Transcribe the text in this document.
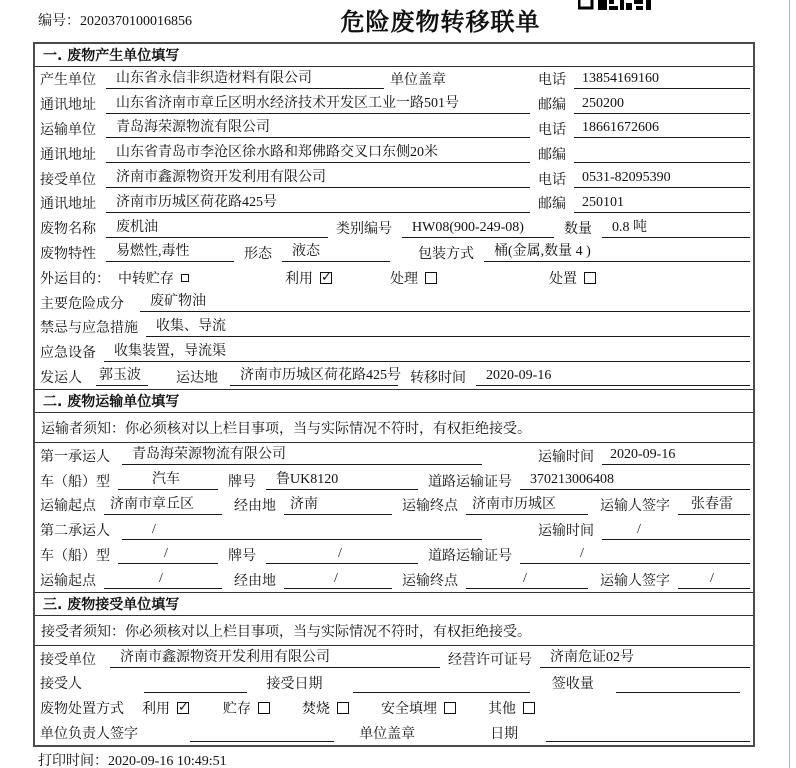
编号：2020370100016856	危险废物转移联单
一. 废物产生单位填写
产生单位	山东省永信非织造材料有限公司	单位盖章	电话	13854169160
通讯地址	山东省济南市章丘区明水经济技术开发区工业一路501号	邮编	250200
运输单位	青岛海荣源物流有限公司	电话	18661672606
通讯地址	山东省青岛市李沧区徐水路和郑佛路交叉口东侧20米	邮编
接受单位	济南市鑫源物资开发利用有限公司	电话	0531-82095390
通讯地址	济南市历城区荷花路425号	邮编	250101
废物名称	废机油	类别编号	HW08(900-249-08)	数量	0.8 吨
废物特性	易燃性,毒性	形态	液态	包装方式	桶(金属,数量 4 )
外运目的： 中转贮存	利用 ✓	处理	处置
主要危险成分	废矿物油
禁忌与应急措施	收集、导流
应急设备	收集装置，导流渠
发运人 郭玉波	运达地	济南市历城区荷花路425号 转移时间	2020-09-16
二. 废物运输单位填写
运输者须知：你必须核对以上栏目事项，当与实际情况不符时，有权拒绝接受。
第一承运人	青岛海荣源物流有限公司	运输时间	2020-09-16
车（船）型	汽车	牌号	鲁UK8120	道路运输证号	370213006408
运输起点	济南市章丘区	经由地	济南	运输终点	济南市历城区	运输人签字	张春雷
第二承运人	/	运输时间	/
车（船）型	/	牌号	/	道路运输证号	/
运输起点	/	经由地	/	运输终点	/	运输人签字	/
三. 废物接受单位填写
接受者须知：你必须核对以上栏目事项，当与实际情况不符时，有权拒绝接受。
接受单位	济南市鑫源物资开发利用有限公司	经营许可证号	济南危证02号
接受人	接受日期	签收量
废物处置方式 利用 ✓	贮存	焚烧	安全填埋	其他
单位负责人签字	单位盖章	日期
打印时间：2020-09-16 10:49:51
